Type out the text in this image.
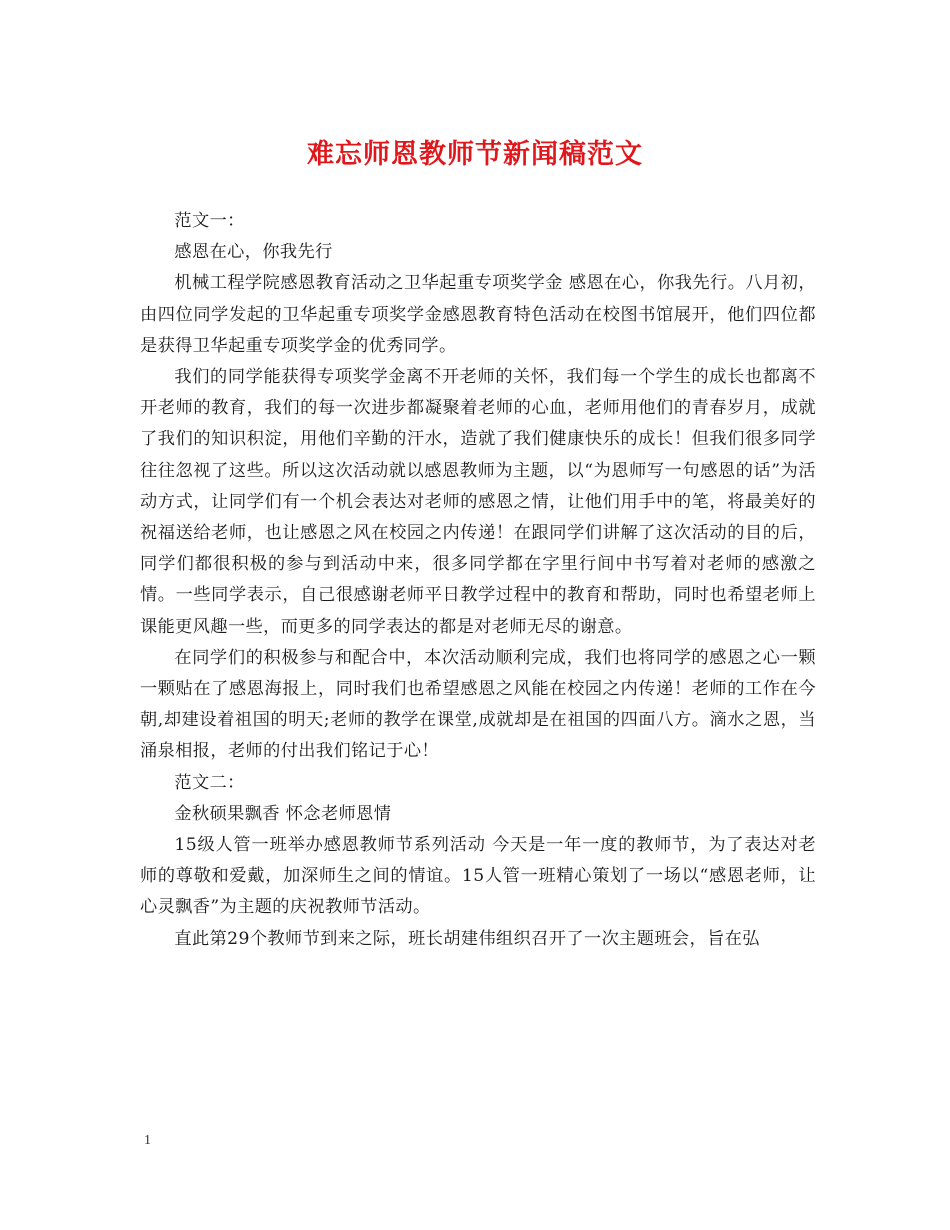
难忘师恩教师节新闻稿范文

范文一：

感恩在心，你我先行

机械工程学院感恩教育活动之卫华起重专项奖学金 感恩在心，你我先行。八月初，由四位同学发起的卫华起重专项奖学金感恩教育特色活动在校图书馆展开，他们四位都是获得卫华起重专项奖学金的优秀同学。

我们的同学能获得专项奖学金离不开老师的关怀，我们每一个学生的成长也都离不开老师的教育，我们的每一次进步都凝聚着老师的心血，老师用他们的青春岁月，成就了我们的知识积淀，用他们辛勤的汗水，造就了我们健康快乐的成长！但我们很多同学往往忽视了这些。所以这次活动就以感恩教师为主题，以“为恩师写一句感恩的话”为活动方式，让同学们有一个机会表达对老师的感恩之情，让他们用手中的笔，将最美好的祝福送给老师，也让感恩之风在校园之内传递！在跟同学们讲解了这次活动的目的后，同学们都很积极的参与到活动中来，很多同学都在字里行间中书写着对老师的感激之情。一些同学表示，自己很感谢老师平日教学过程中的教育和帮助，同时也希望老师上课能更风趣一些，而更多的同学表达的都是对老师无尽的谢意。

在同学们的积极参与和配合中，本次活动顺利完成，我们也将同学的感恩之心一颗一颗贴在了感恩海报上，同时我们也希望感恩之风能在校园之内传递！老师的工作在今朝,却建设着祖国的明天;老师的教学在课堂,成就却是在祖国的四面八方。滴水之恩，当涌泉相报，老师的付出我们铭记于心！

范文二：

金秋硕果飘香 怀念老师恩情

15级人管一班举办感恩教师节系列活动 今天是一年一度的教师节，为了表达对老师的尊敬和爱戴，加深师生之间的情谊。15人管一班精心策划了一场以“感恩老师，让心灵飘香”为主题的庆祝教师节活动。

直此第29个教师节到来之际，班长胡建伟组织召开了一次主题班会，旨在弘

1
